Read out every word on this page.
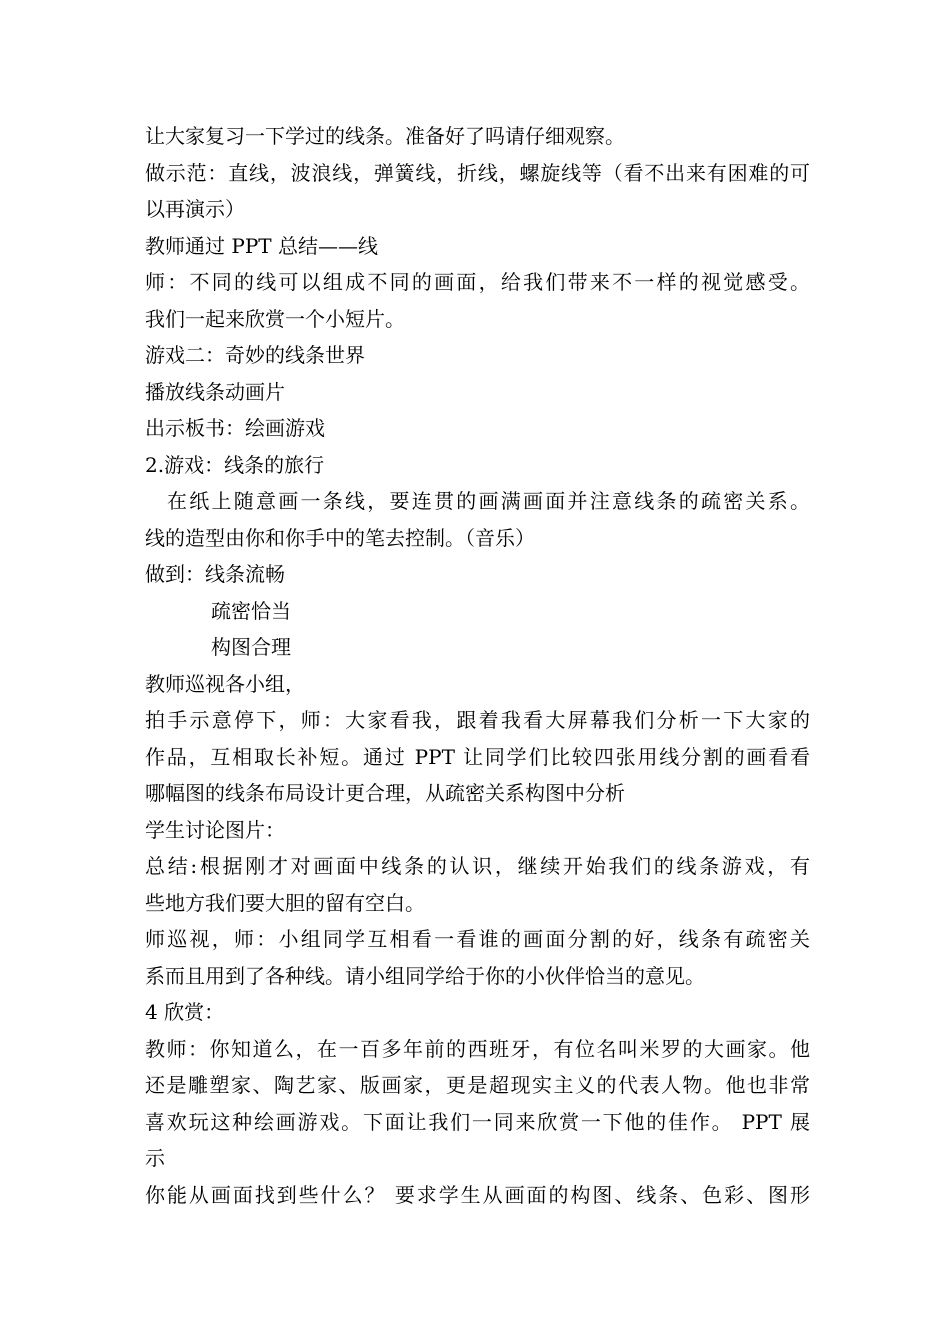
让大家复习一下学过的线条。准备好了吗请仔细观察。
做示范：直线，波浪线，弹簧线，折线，螺旋线等（看不出来有困难的可
以再演示）
教师通过 PPT 总结——线
师：不同的线可以组成不同的画面，给我们带来不一样的视觉感受。
我们一起来欣赏一个小短片。
游戏二：奇妙的线条世界
播放线条动画片
出示板书：绘画游戏
2.游戏：线条的旅行
在纸上随意画一条线，要连贯的画满画面并注意线条的疏密关系。
线的造型由你和你手中的笔去控制。（音乐）
做到：线条流畅
疏密恰当
构图合理
教师巡视各小组，
拍手示意停下，师：大家看我，跟着我看大屏幕我们分析一下大家的
作品，互相取长补短。通过 PPT 让同学们比较四张用线分割的画看看
哪幅图的线条布局设计更合理，从疏密关系构图中分析
学生讨论图片：
总结:根据刚才对画面中线条的认识，继续开始我们的线条游戏，有
些地方我们要大胆的留有空白。
师巡视，师：小组同学互相看一看谁的画面分割的好，线条有疏密关
系而且用到了各种线。请小组同学给于你的小伙伴恰当的意见。
4 欣赏：
教师：你知道么，在一百多年前的西班牙，有位名叫米罗的大画家。他
还是雕塑家、陶艺家、版画家，更是超现实主义的代表人物。他也非常
喜欢玩这种绘画游戏。下面让我们一同来欣赏一下他的佳作。 PPT 展
示
你能从画面找到些什么？ 要求学生从画面的构图、线条、色彩、图形
